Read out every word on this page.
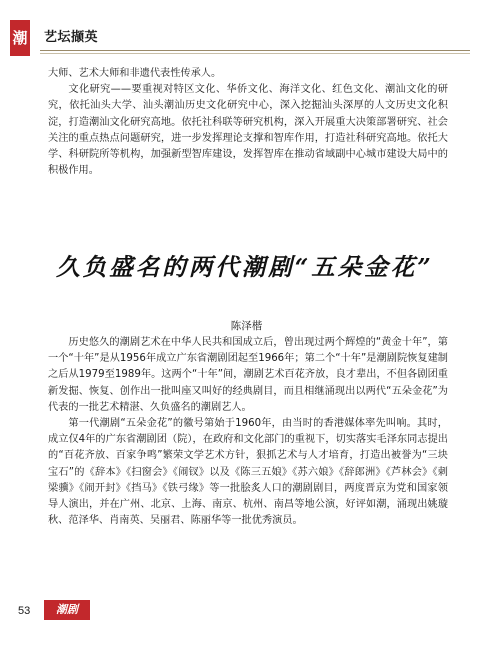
潮 艺坛撷英

大师、艺术大师和非遗代表性传承人。

文化研究——要重视对特区文化、华侨文化、海洋文化、红色文化、潮汕文化的研究，依托汕头大学、汕头潮汕历史文化研究中心，深入挖掘汕头深厚的人文历史文化积淀，打造潮汕文化研究高地。依托社科联等研究机构，深入开展重大决策部署研究、社会关注的重点热点问题研究，进一步发挥理论支撑和智库作用，打造社科研究高地。依托大学、科研院所等机构，加强新型智库建设，发挥智库在推动省域副中心城市建设大局中的积极作用。

久负盛名的两代潮剧“五朵金花”
陈泽楷

历史悠久的潮剧艺术在中华人民共和国成立后，曾出现过两个辉煌的“黄金十年”，第一个“十年”是从1956年成立广东省潮剧团起至1966年；第二个“十年”是潮剧院恢复建制之后从1979至1989年。这两个“十年”间，潮剧艺术百花齐放，良才辈出，不但各剧团重新发掘、恢复、创作出一批叫座又叫好的经典剧目，而且相继涌现出以两代“五朵金花”为代表的一批艺术精湛、久负盛名的潮剧艺人。

第一代潮剧“五朵金花”的徽号第始于1960年，由当时的香港媒体率先叫响。其时，成立仅4年的广东省潮剧团（院），在政府和文化部门的重视下，切实落实毛泽东同志提出的“百花齐放、百家争鸣”繁荣文学艺术方针，狠抓艺术与人才培育，打造出被誉为“三块宝石”的《辞本》《扫窗会》《闹钗》以及《陈三五娘》《苏六娘》《辞郎洲》《芦林会》《刺梁骥》《闹开封》《挡马》《铁弓缘》等一批脍炙人口的潮剧剧目，两度晋京为党和国家领导人演出，并在广州、北京、上海、南京、杭州、南昌等地公演，好评如潮，涌现出姚璇秋、范泽华、肖南英、吴丽君、陈丽华等一批优秀演员。

53	潮剧
